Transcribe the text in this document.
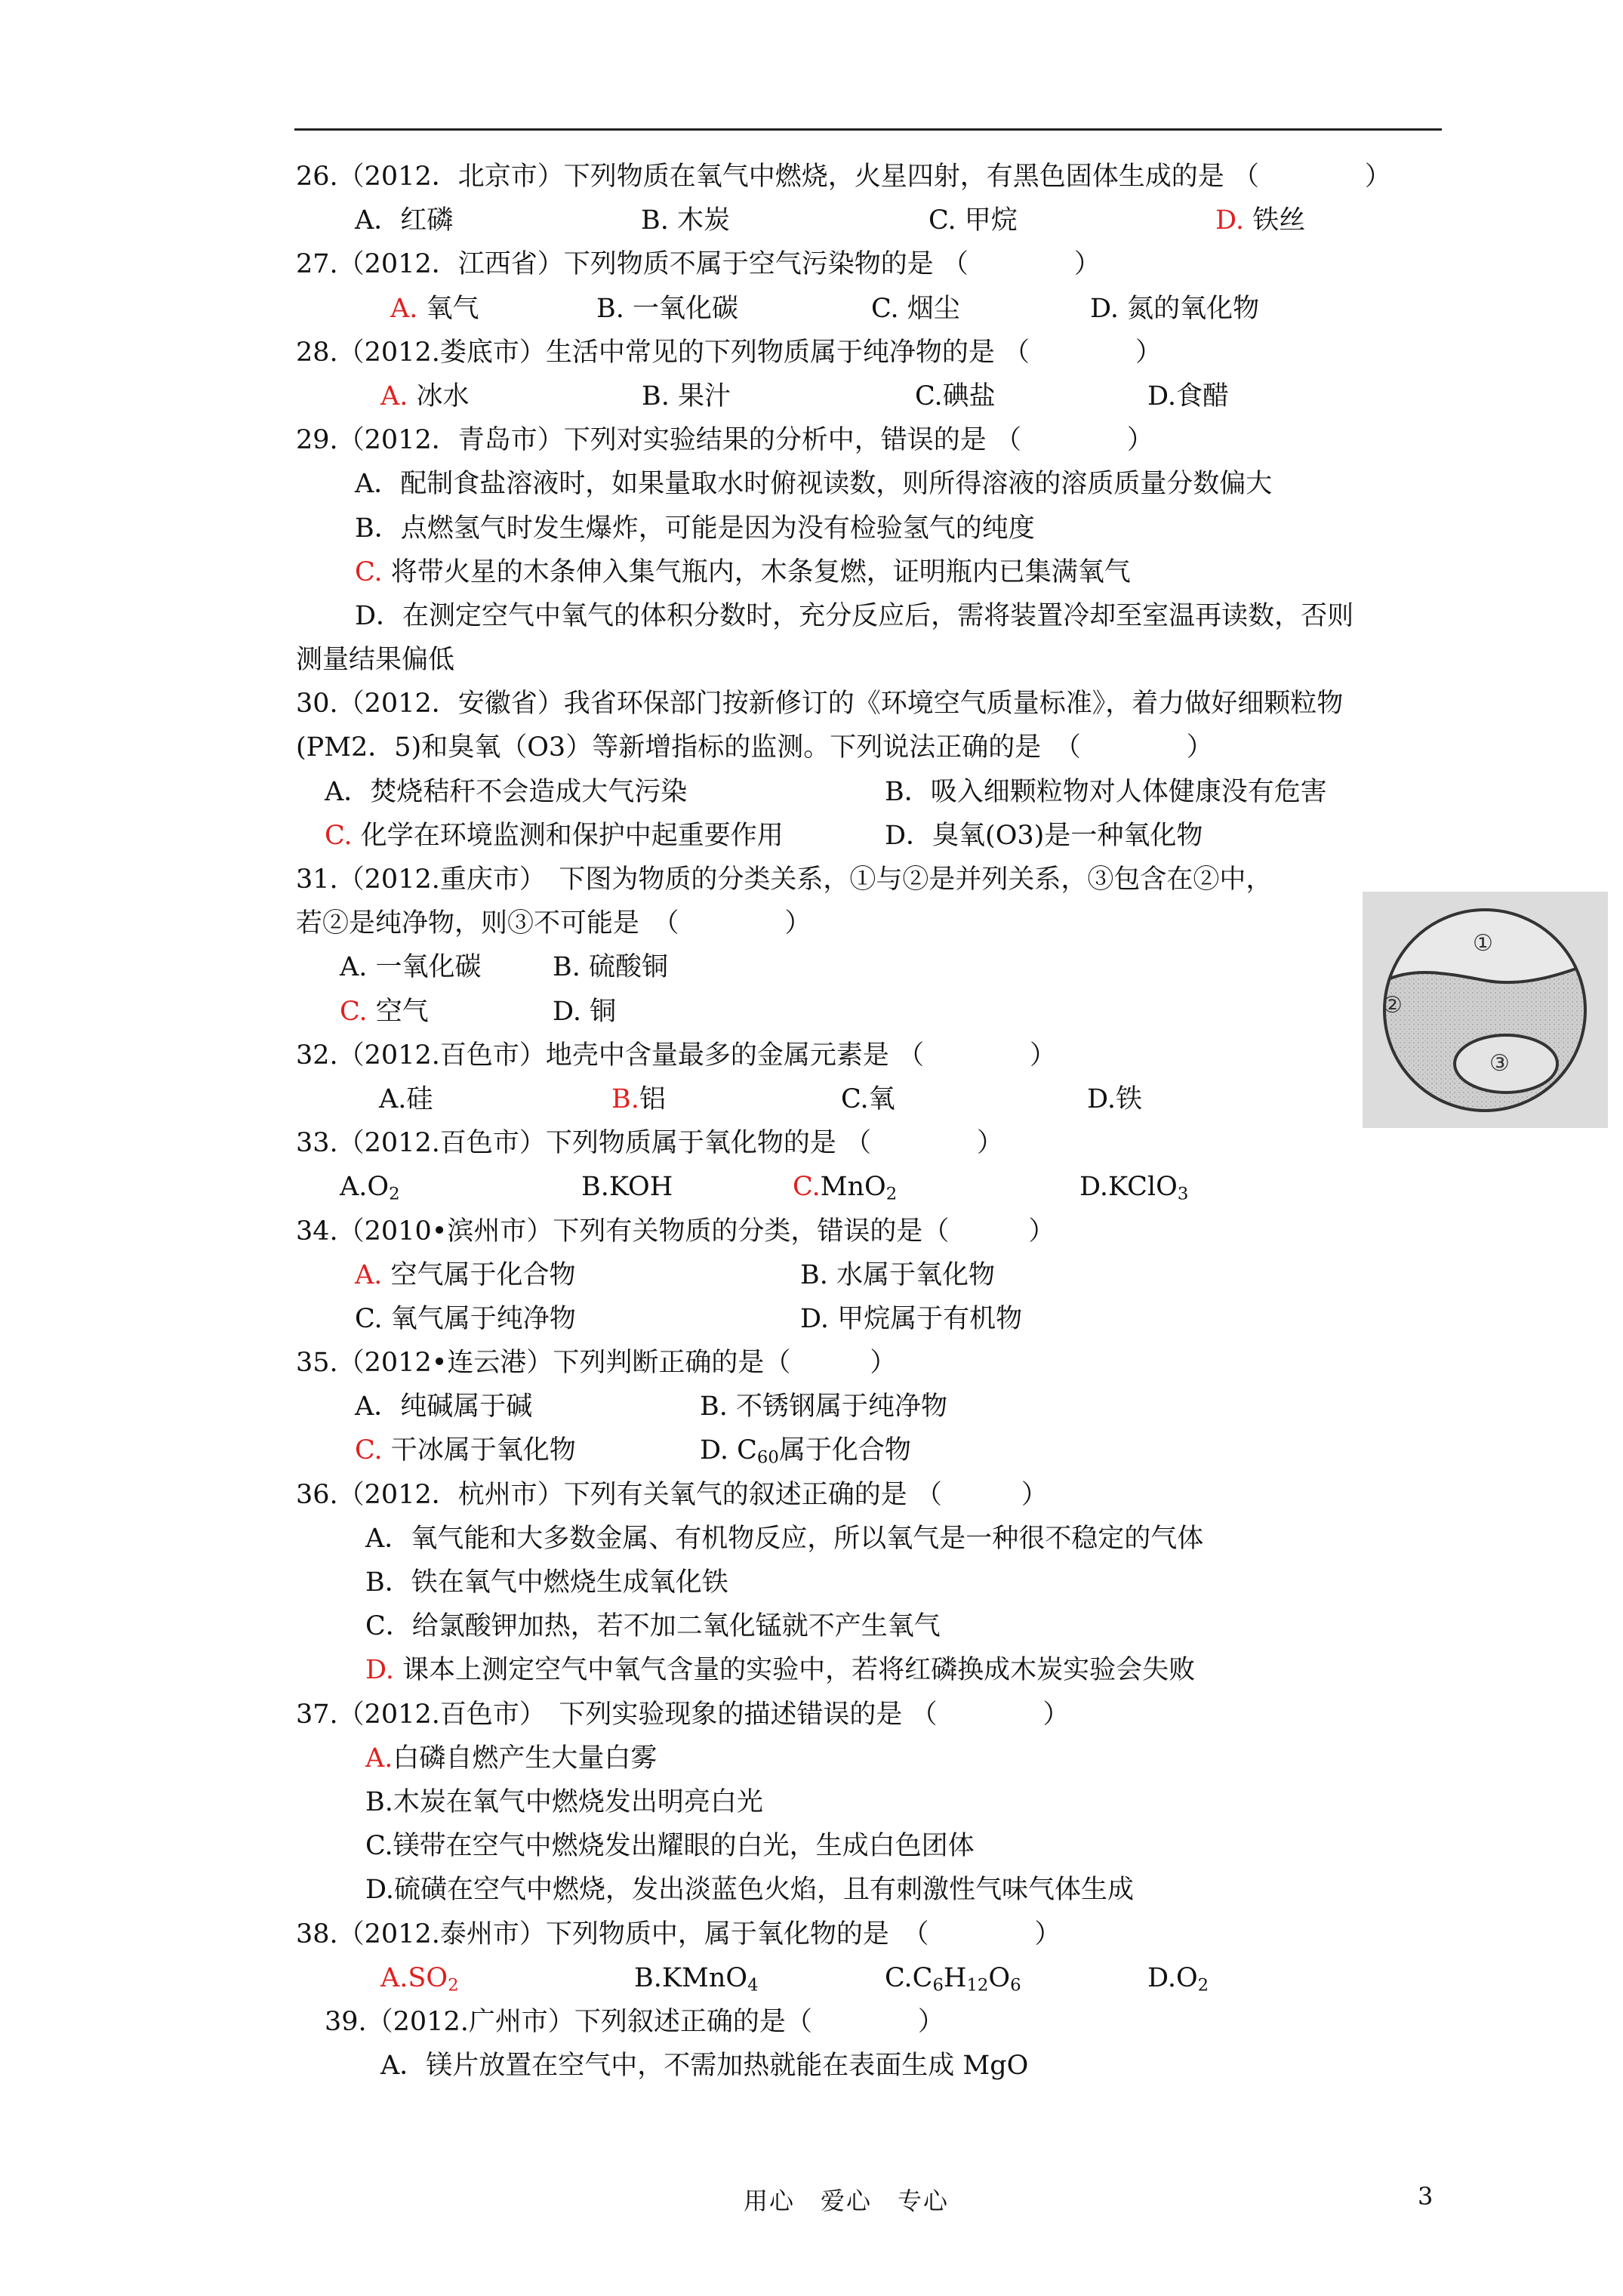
26.（2012．北京市）下列物质在氧气中燃烧，火星四射，有黑色固体生成的是 （　　　　）
A．红磷	B. 木炭	C. 甲烷	D. 铁丝
27.（2012．江西省）下列物质不属于空气污染物的是 （　　　　）
A. 氧气	B. 一氧化碳	C. 烟尘	D. 氮的氧化物
28.（2012.娄底市）生活中常见的下列物质属于纯净物的是 （　　　　）
A. 冰水	B. 果汁	C.碘盐	D.食醋
29.（2012．青岛市）下列对实验结果的分析中，错误的是 （　　　　）
A．配制食盐溶液时，如果量取水时俯视读数，则所得溶液的溶质质量分数偏大
B．点燃氢气时发生爆炸，可能是因为没有检验氢气的纯度
C. 将带火星的木条伸入集气瓶内，木条复燃，证明瓶内已集满氧气
D．在测定空气中氧气的体积分数时，充分反应后，需将装置冷却至室温再读数，否则
测量结果偏低
30.（2012．安徽省）我省环保部门按新修订的《环境空气质量标准》，着力做好细颗粒物
(PM2．5)和臭氧（O3）等新增指标的监测。下列说法正确的是　（　　　　）
A．焚烧秸秆不会造成大气污染	B．吸入细颗粒物对人体健康没有危害
C. 化学在环境监测和保护中起重要作用	D．臭氧(O3)是一种氧化物
31.（2012.重庆市）　下图为物质的分类关系，①与②是并列关系，③包含在②中，
若②是纯净物，则③不可能是　（　　　　）
A. 一氧化碳	B. 硫酸铜
C. 空气	D. 铜
32.（2012.百色市）地壳中含量最多的金属元素是 （　　　　）
A.硅	B.铝	C.氧	D.铁
33.（2012.百色市）下列物质属于氧化物的是 （　　　　）
$A.O_2$	B.KOH	C.MnO$_2$	D.KClO$_3$
34.（2010•滨州市）下列有关物质的分类，错误的是（　　　）
A. 空气属于化合物	B. 水属于氧化物
C. 氧气属于纯净物	D. 甲烷属于有机物
35.（2012•连云港）下列判断正确的是（　　　）
A．纯碱属于碱	B. 不锈钢属于纯净物
C. 干冰属于氧化物	D. $C_{60}$属于化合物
36.（2012．杭州市）下列有关氧气的叙述正确的是 （　　　）
A．氧气能和大多数金属、有机物反应，所以氧气是一种很不稳定的气体
B．铁在氧气中燃烧生成氧化铁
C．给氯酸钾加热，若不加二氧化锰就不产生氧气
D. 课本上测定空气中氧气含量的实验中，若将红磷换成木炭实验会失败
37.（2012.百色市）　下列实验现象的描述错误的是 （　　　　）
A.白磷自燃产生大量白雾
B.木炭在氧气中燃烧发出明亮白光
C.镁带在空气中燃烧发出耀眼的白光，生成白色团体
D.硫磺在空气中燃烧，发出淡蓝色火焰，且有刺激性气味气体生成
38.（2012.泰州市）下列物质中，属于氧化物的是　（　　　　）
$A.SO_2$	B.KMnO$_4$	$C.C_6H_{12}O_6$	$D.O_2$
39.（2012.广州市）下列叙述正确的是（　　　　）
A．镁片放置在空气中，不需加热就能在表面生成 MgO
①
②
③
用心　爱心　专心	3
